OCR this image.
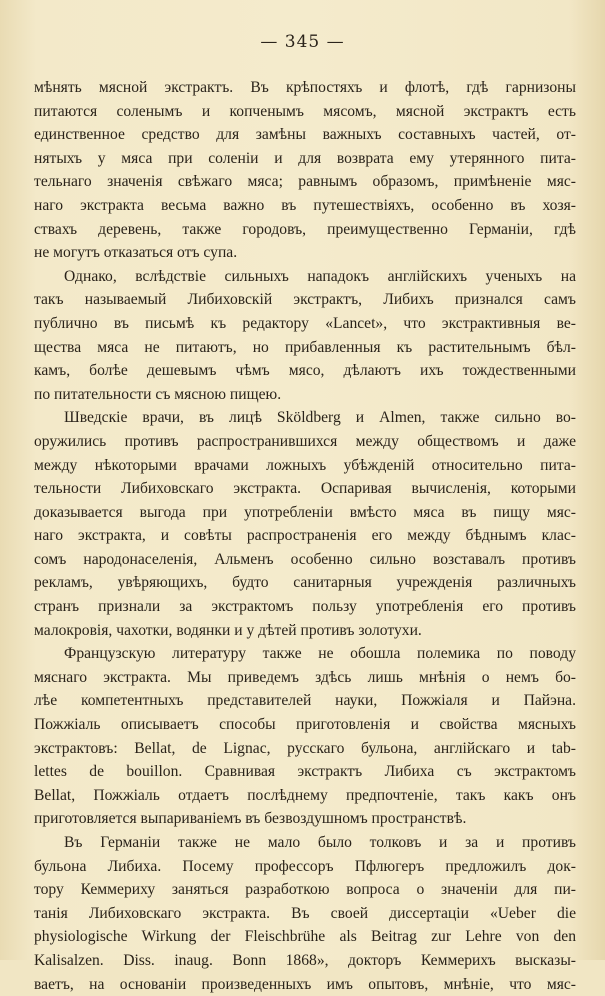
— 345 —
мѣнять мясной экстрактъ. Въ крѣпостяхъ и флотѣ, гдѣ гарнизоны
питаются соленымъ и копченымъ мясомъ, мясной экстрактъ есть
единственное средство для замѣны важныхъ составныхъ частей, от-
нятыхъ у мяса при соленіи и для возврата ему утерянного пита-
тельнаго значенія свѣжаго мяса; равнымъ образомъ, примѣненіе мяс-
наго экстракта весьма важно въ путешествіяхъ, особенно въ хозя-
ствахъ деревень, также городовъ, преимущественно Германіи, гдѣ
не могутъ отказаться отъ супа.
Однако, вслѣдствіе сильныхъ нападокъ англійскихъ ученыхъ на
такъ называемый Либиховскій экстрактъ, Либихъ признался самъ
публично въ письмѣ къ редактору «Lancet», что экстрактивныя ве-
щества мяса не питаютъ, но прибавленныя къ растительнымъ бѣл-
камъ, болѣе дешевымъ чѣмъ мясо, дѣлаютъ ихъ тождественными
по питательности съ мясною пищею.
Шведскіе врачи, въ лицѣ Sköldberg и Almen, также сильно во-
оружились противъ распространившихся между обществомъ и даже
между нѣкоторыми врачами ложныхъ убѣжденій относительно пита-
тельности Либиховскаго экстракта. Оспаривая вычисленія, которыми
доказывается выгода при употребленіи вмѣсто мяса въ пищу мяс-
наго экстракта, и совѣты распространенія его между бѣднымъ клас-
сомъ народонаселенія, Альменъ особенно сильно возставалъ противъ
рекламъ, увѣряющихъ, будто санитарныя учрежденія различныхъ
странъ признали за экстрактомъ пользу употребленія его противъ
малокровія, чахотки, водянки и у дѣтей противъ золотухи.
Французскую литературу также не обошла полемика по поводу
мяснаго экстракта. Мы приведемъ здѣсь лишь мнѣнія о немъ бо-
лѣе компетентныхъ представителей науки, Пожжіаля и Пайэна.
Пожжіаль описываетъ способы приготовленія и свойства мясныхъ
экстрактовъ: Bellat, de Lignac, русскаго бульона, англійскаго и tab-
lettes de bouillon. Сравнивая экстрактъ Либиха съ экстрактомъ
Bellat, Пожжіаль отдаетъ послѣднему предпочтеніе, такъ какъ онъ
приготовляется выпариваніемъ въ безвоздушномъ пространствѣ.
Въ Германіи также не мало было толковъ и за и противъ
бульона Либиха. Посему профессоръ Пфлюгеръ предложилъ док-
тору Кеммериху заняться разработкою вопроса о значеніи для пи-
танія Либиховскаго экстракта. Въ своей диссертаціи «Ueber die
physiologische Wirkung der Fleischbrühe als Beitrag zur Lehre von den
Kalisalzen. Diss. inaug. Bonn 1868», докторъ Кеммерихъ высказы-
ваетъ, на основаніи произведенныхъ имъ опытовъ, мнѣніе, что мяс-
